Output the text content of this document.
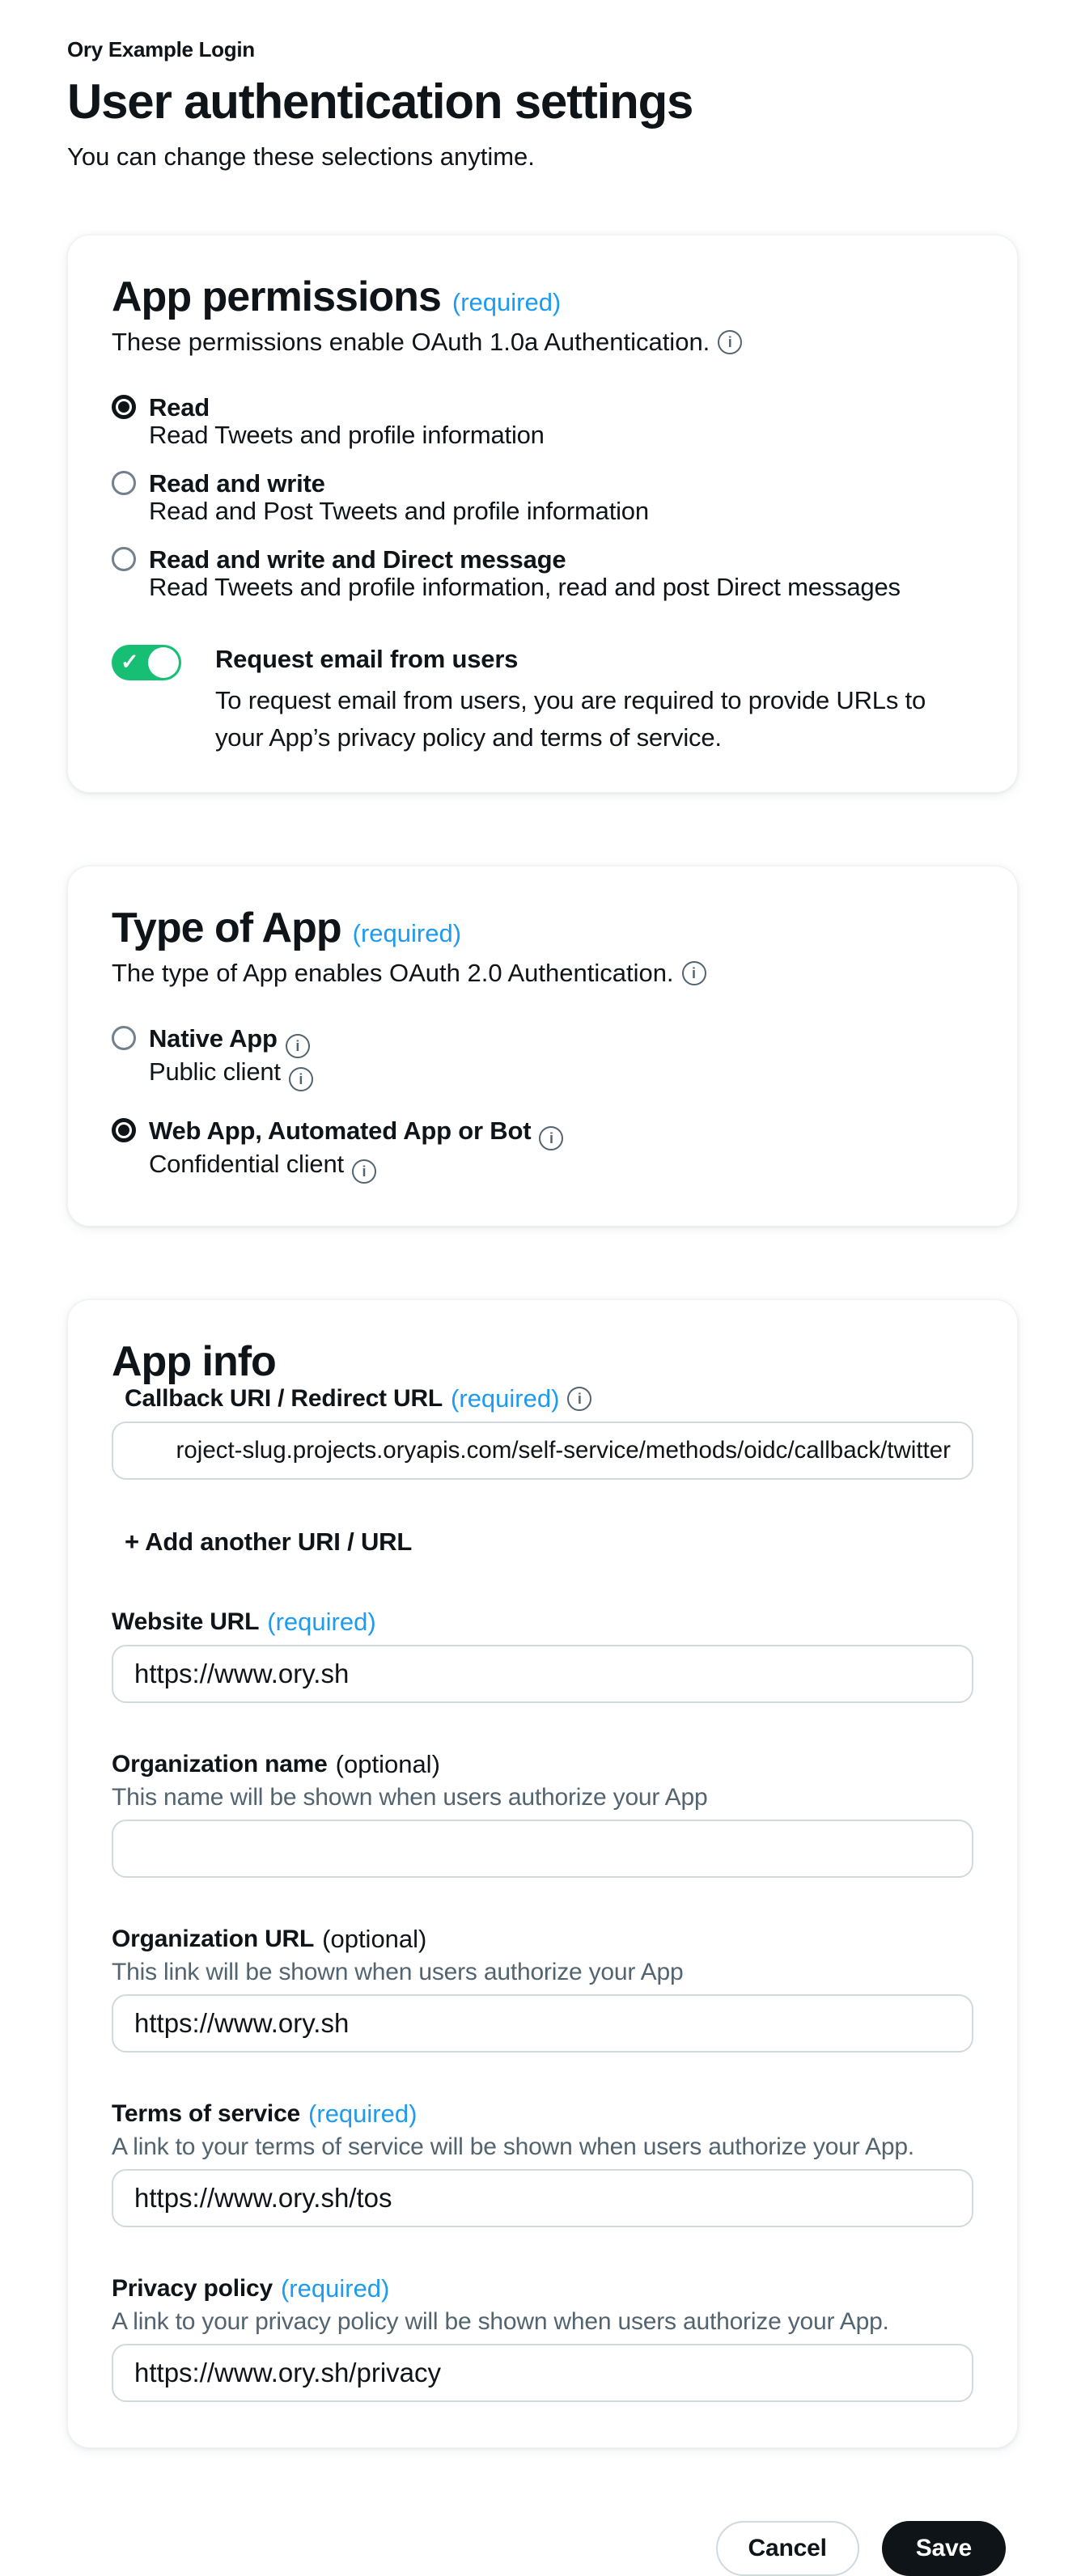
Ory Example Login
User authentication settings

You can change these selections anytime.

App permissions (required)

These permissions enable OAuth 1.0a Authentication.
i

Read
Read Tweets and profile information
Read and write
Read and Post Tweets and profile information
Read and write and Direct message
Read Tweets and profile information, read and post Direct messages
✓
Request email from users
To request email from users, you are required to provide URLs to your App’s privacy policy and terms of service.
Type of App (required)

The type of App enables OAuth 2.0 Authentication.
i

Native Appi
Public clienti
Web App, Automated App or Boti
Confidential clienti
App info
Callback URI / Redirect URL (required)
i
roject-slug.projects.oryapis.com/self-service/methods/oidc/callback/twitter
+ Add another URI / URL
Website URL (required)
https://www.ory.sh
Organization name (optional)
This name will be shown when users authorize your App
Organization URL (optional)
This link will be shown when users authorize your App
https://www.ory.sh
Terms of service (required)
A link to your terms of service will be shown when users authorize your App.
https://www.ory.sh/tos
Privacy policy (required)
A link to your privacy policy will be shown when users authorize your App.
https://www.ory.sh/privacy
Cancel	Save
